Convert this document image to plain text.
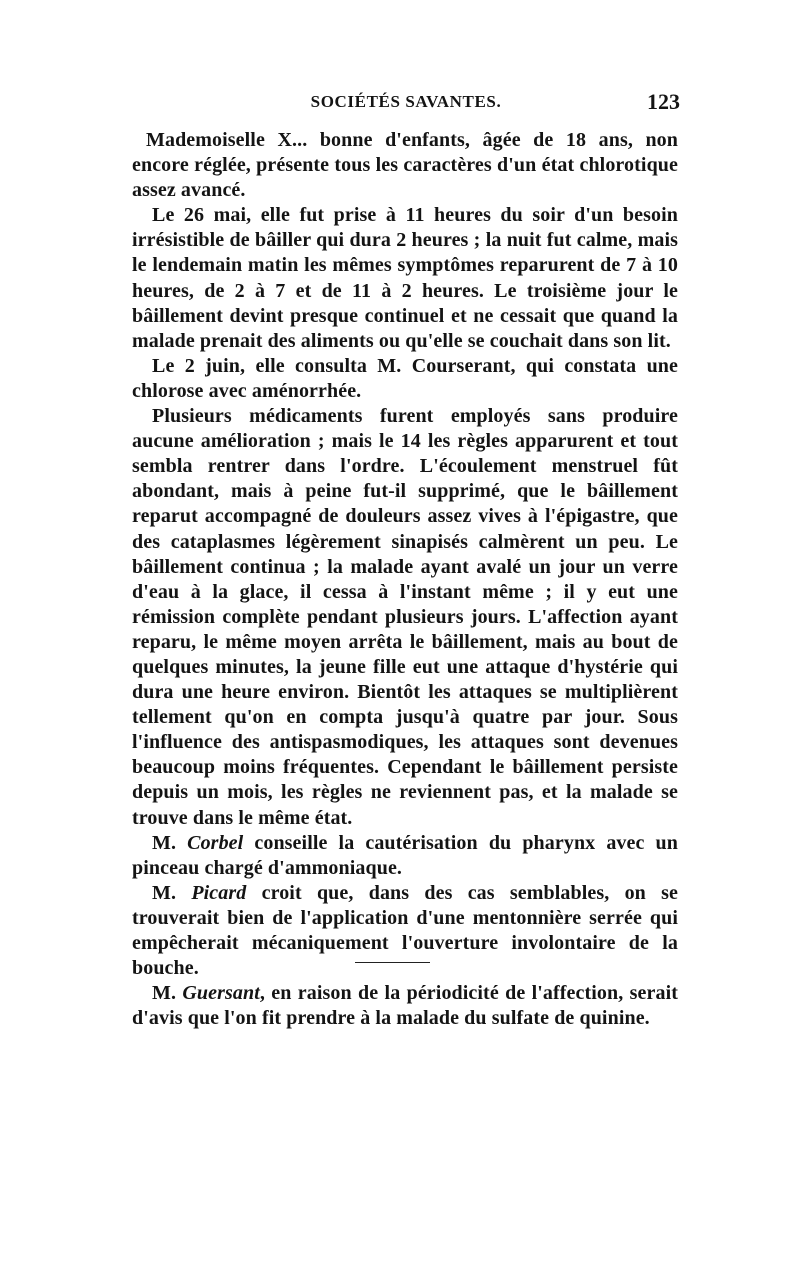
SOCIÉTÉS SAVANTES.	123

Mademoiselle X... bonne d'enfants, âgée de 18 ans, non encore réglée, présente tous les caractères d'un état chlorotique assez avancé.

Le 26 mai, elle fut prise à 11 heures du soir d'un besoin irrésistible de bâiller qui dura 2 heures ; la nuit fut calme, mais le lendemain matin les mêmes symptômes reparurent de 7 à 10 heures, de 2 à 7 et de 11 à 2 heures. Le troisième jour le bâillement devint presque continuel et ne cessait que quand la malade prenait des aliments ou qu'elle se couchait dans son lit.

Le 2 juin, elle consulta M. Courserant, qui constata une chlorose avec aménorrhée.

Plusieurs médicaments furent employés sans produire aucune amélioration ; mais le 14 les règles apparurent et tout sembla rentrer dans l'ordre. L'écoulement menstruel fût abondant, mais à peine fut-il supprimé, que le bâillement reparut accompagné de douleurs assez vives à l'épigastre, que des cataplasmes légèrement sinapisés calmèrent un peu. Le bâillement continua ; la malade ayant avalé un jour un verre d'eau à la glace, il cessa à l'instant même ; il y eut une rémission complète pendant plusieurs jours. L'affection ayant reparu, le même moyen arrêta le bâillement, mais au bout de quelques minutes, la jeune fille eut une attaque d'hystérie qui dura une heure environ. Bientôt les attaques se multiplièrent tellement qu'on en compta jusqu'à quatre par jour. Sous l'influence des antispasmodiques, les attaques sont devenues beaucoup moins fréquentes. Cependant le bâillement persiste depuis un mois, les règles ne reviennent pas, et la malade se trouve dans le même état.

M. Corbel conseille la cautérisation du pharynx avec un pinceau chargé d'ammoniaque.

M. Picard croit que, dans des cas semblables, on se trouverait bien de l'application d'une mentonnière serrée qui empêcherait mécaniquement l'ouverture involontaire de la bouche.

M. Guersant, en raison de la périodicité de l'affection, serait d'avis que l'on fit prendre à la malade du sulfate de quinine.
